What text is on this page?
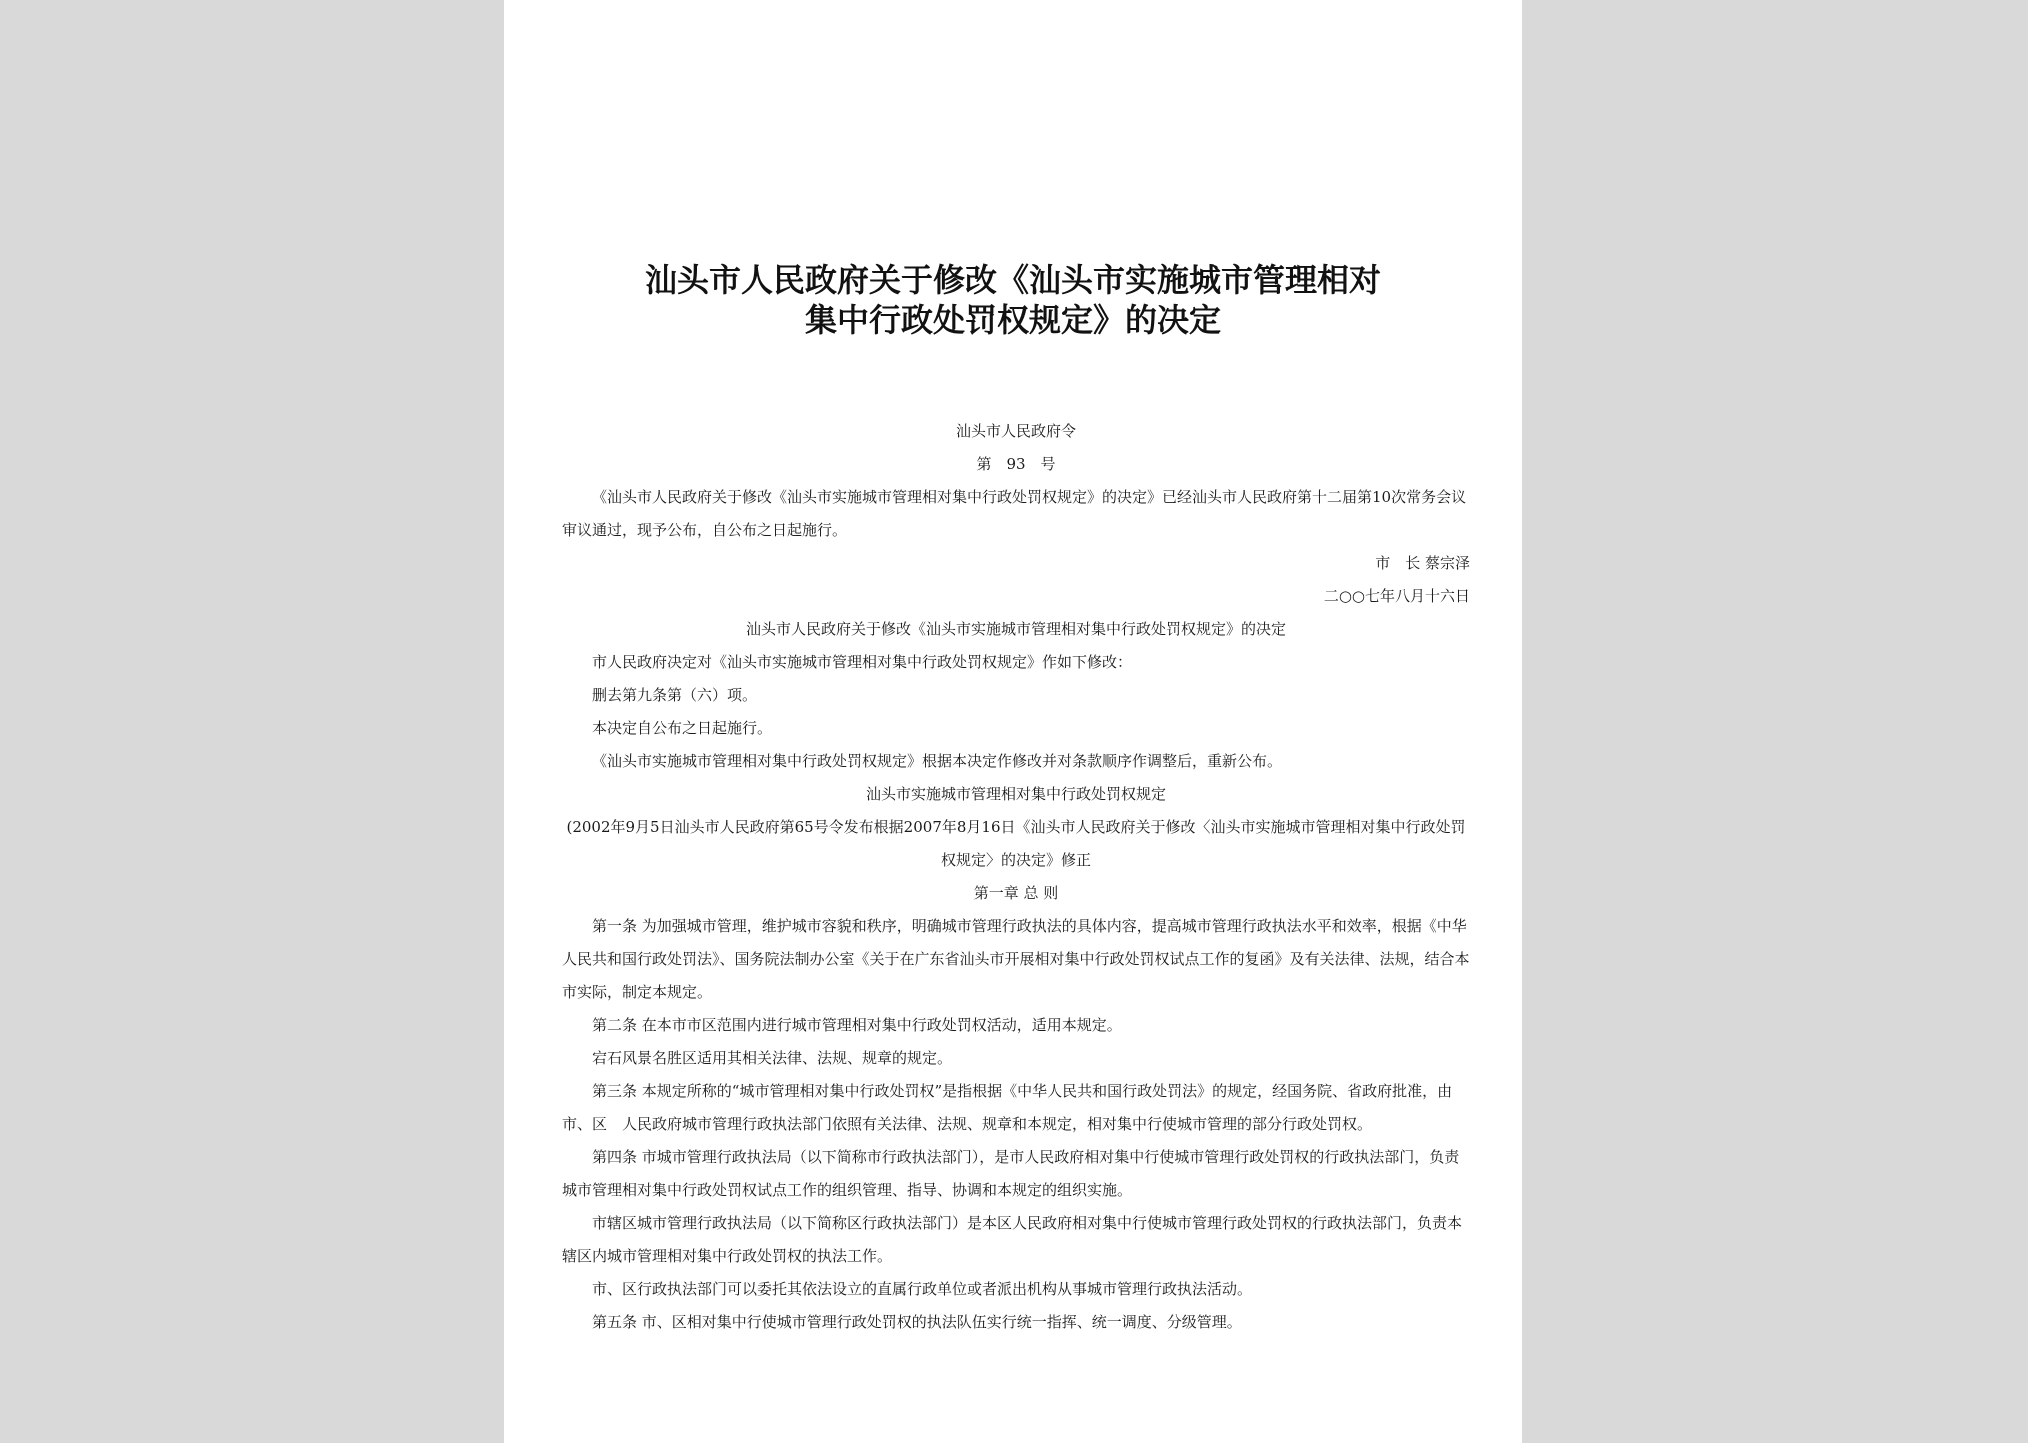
汕头市人民政府关于修改《汕头市实施城市管理相对
集中行政处罚权规定》的决定

汕头市人民政府令

第　93　号

《汕头市人民政府关于修改《汕头市实施城市管理相对集中行政处罚权规定》的决定》已经汕头市人民政府第十二届第10次常务会议审议通过，现予公布，自公布之日起施行。

市　长 蔡宗泽

二○○七年八月十六日

汕头市人民政府关于修改《汕头市实施城市管理相对集中行政处罚权规定》的决定

市人民政府决定对《汕头市实施城市管理相对集中行政处罚权规定》作如下修改：

删去第九条第（六）项。

本决定自公布之日起施行。

《汕头市实施城市管理相对集中行政处罚权规定》根据本决定作修改并对条款顺序作调整后，重新公布。

汕头市实施城市管理相对集中行政处罚权规定

(2002年9月5日汕头市人民政府第65号令发布根据2007年8月16日《汕头市人民政府关于修改〈汕头市实施城市管理相对集中行政处罚权规定〉的决定》修正

第一章 总 则

第一条 为加强城市管理，维护城市容貌和秩序，明确城市管理行政执法的具体内容，提高城市管理行政执法水平和效率，根据《中华人民共和国行政处罚法》、国务院法制办公室《关于在广东省汕头市开展相对集中行政处罚权试点工作的复函》及有关法律、法规，结合本市实际，制定本规定。

第二条 在本市市区范围内进行城市管理相对集中行政处罚权活动，适用本规定。

宕石风景名胜区适用其相关法律、法规、规章的规定。

第三条 本规定所称的“城市管理相对集中行政处罚权”是指根据《中华人民共和国行政处罚法》的规定，经国务院、省政府批准，由市、区　人民政府城市管理行政执法部门依照有关法律、法规、规章和本规定，相对集中行使城市管理的部分行政处罚权。

第四条 市城市管理行政执法局（以下简称市行政执法部门），是市人民政府相对集中行使城市管理行政处罚权的行政执法部门，负责城市管理相对集中行政处罚权试点工作的组织管理、指导、协调和本规定的组织实施。

市辖区城市管理行政执法局（以下简称区行政执法部门）是本区人民政府相对集中行使城市管理行政处罚权的行政执法部门，负责本辖区内城市管理相对集中行政处罚权的执法工作。

市、区行政执法部门可以委托其依法设立的直属行政单位或者派出机构从事城市管理行政执法活动。

第五条 市、区相对集中行使城市管理行政处罚权的执法队伍实行统一指挥、统一调度、分级管理。
